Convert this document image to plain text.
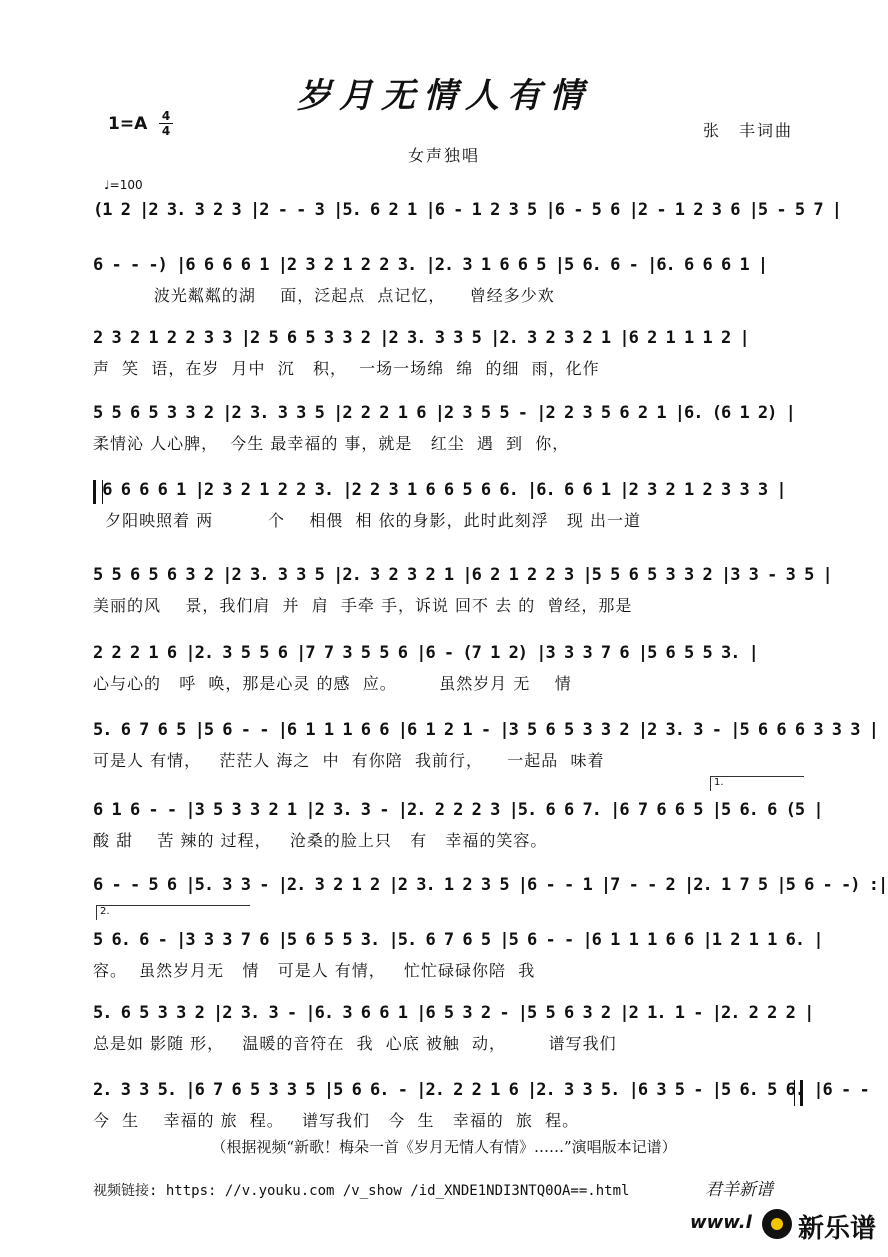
岁月无情人有情
1=A 4
4	张　丰词曲
女声独唱
♩=100
1.
2.
(1 2 |2 3. 3 2 3 |2 - - 3 |5. 6 2 1 |6 - 1 2 3 5 |6 - 5 6 |2 - 1 2 3 6 |5 - 5 7 |
6 - - -) |6 6 6 6 1 |2 3 2 1 2 2 3. |2. 3 1 6 6 5 |5 6. 6 - |6. 6 6 6 1 |
波光粼粼的湖    面，泛起点  点记忆，    曾经多少欢
2 3 2 1 2 2 3 3 |2 5 6 5 3 3 2 |2 3. 3 3 5 |2. 3 2 3 2 1 |6 2 1 1 1 2 |
声  笑  语，在岁  月中  沉   积，  一场一场绵  绵  的细  雨，化作
5 5 6 5 3 3 2 |2 3. 3 3 5 |2 2 2 1 6 |2 3 5 5 - |2 2 3 5 6 2 1 |6. (6 1 2) |
柔情沁 人心脾，  今生 最幸福的 事，就是   红尘  遇  到  你，
6 6 6 6 1 |2 3 2 1 2 2 3. |2 2 3 1 6 6 5 6 6. |6. 6 6 1 |2 3 2 1 2 3 3 3 |
夕阳映照着 两         个    相偎  相 依的身影，此时此刻浮   现 出一道
5 5 6 5 6 3 2 |2 3. 3 3 5 |2. 3 2 3 2 1 |6 2 1 2 2 3 |5 5 6 5 3 3 2 |3 3 - 3 5 |
美丽的风    景，我们肩  并  肩  手牵 手，诉说 回不 去 的  曾经，那是
2 2 2 1 6 |2. 3 5 5 6 |7 7 3 5 5 6 |6 - (7 1 2) |3 3 3 7 6 |5 6 5 5 3. |
心与心的   呼  唤，那是心灵 的感  应。       虽然岁月 无    情
5. 6 7 6 5 |5 6 - - |6 1 1 1 6 6 |6 1 2 1 - |3 5 6 5 3 3 2 |2 3. 3 - |5 6 6 6 3 3 3 |
可是人 有情，   茫茫人 海之  中  有你陪  我前行，    一起品  味着
6 1 6 - - |3 5 3 3 2 1 |2 3. 3 - |2. 2 2 2 3 |5. 6 6 7. |6 7 6 6 5 |5 6. 6 (5 |
酸 甜    苦 辣的 过程，   沧桑的脸上只   有   幸福的笑容。
6 - - 5 6 |5. 3 3 - |2. 3 2 1 2 |2 3. 1 2 3 5 |6 - - 1 |7 - - 2 |2. 1 7 5 |5 6 - -) :|
5 6. 6 - |3 3 3 7 6 |5 6 5 5 3. |5. 6 7 6 5 |5 6 - - |6 1 1 1 6 6 |1 2 1 1 6. |
容。  虽然岁月无   情   可是人 有情，   忙忙碌碌你陪  我
5. 6 5 3 3 2 |2 3. 3 - |6. 3 6 6 1 |6 5 3 2 - |5 5 6 3 2 |2 1. 1 - |2. 2 2 2 |
总是如 影随 形，   温暖的音符在  我  心底 被触  动，       谱写我们
2. 3 3 5. |6 7 6 5 3 3 5 |5 6 6. - |2. 2 2 1 6 |2. 3 3 5. |6 3 5 - |5 6. 5 6. |6 - -
今  生    幸福的 旅  程。   谱写我们   今  生   幸福的  旅  程。
（根据视频“新歌！梅朵一首《岁月无情人有情》……”演唱版本记谱）
视频链接: https: //v.youku.com /v_show /id_XNDE1NDI3NTQ0OA==.html	君羊新谱
www.l 新乐谱
